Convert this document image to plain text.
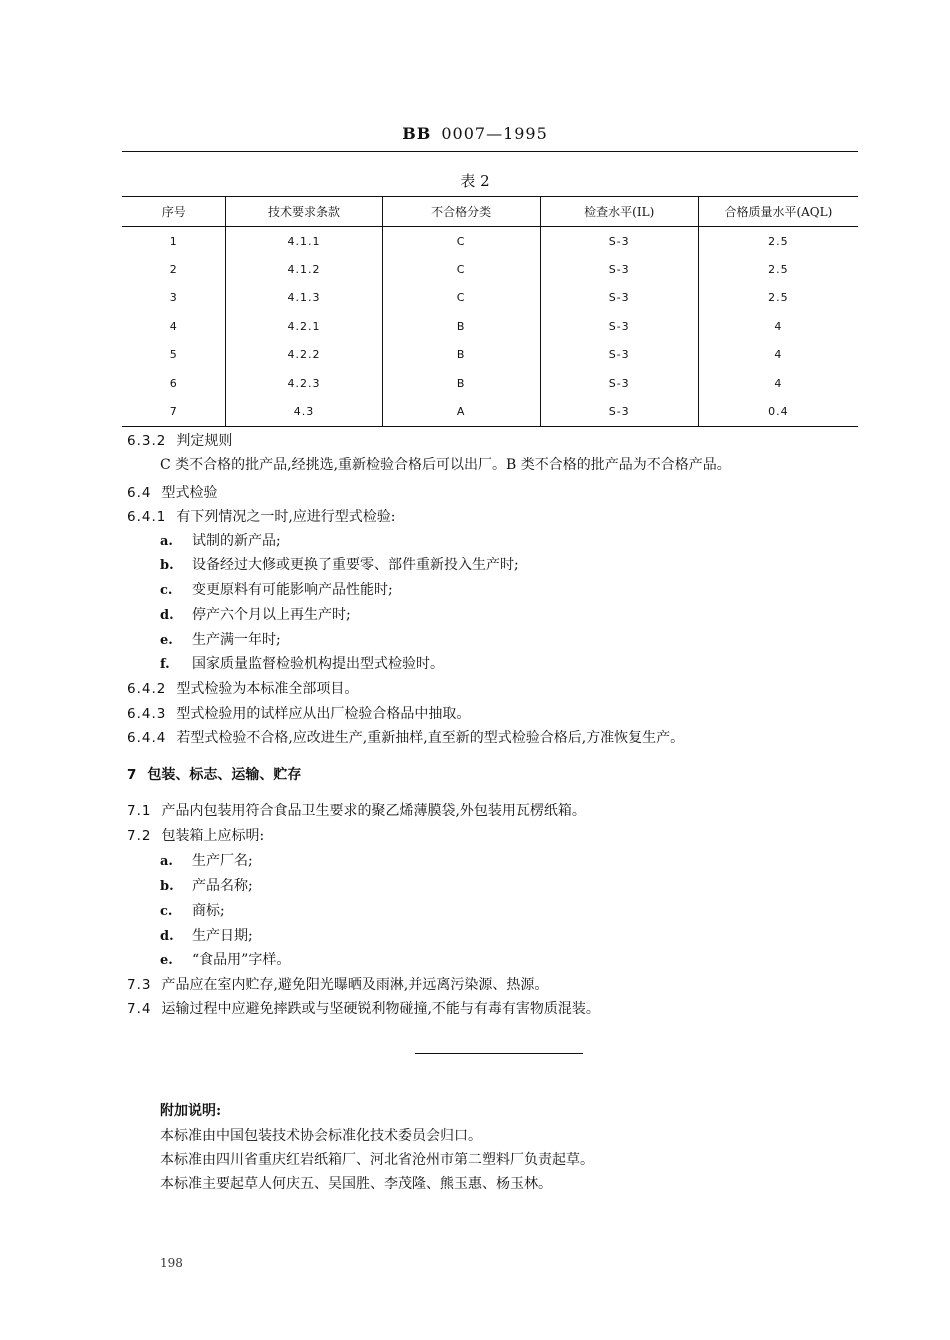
BB 0007—1995
表 2
序号	技术要求条款	不合格分类	检查水平(IL)	合格质量水平(AQL)
1	4.1.1	C	S-3	2.5
2	4.1.2	C	S-3	2.5
3	4.1.3	C	S-3	2.5
4	4.2.1	B	S-3	4
5	4.2.2	B	S-3	4
6	4.2.3	B	S-3	4
7	4.3	A	S-3	0.4
6.3.2 判定规则
C 类不合格的批产品,经挑选,重新检验合格后可以出厂。B 类不合格的批产品为不合格产品。
6.4 型式检验
6.4.1 有下列情况之一时,应进行型式检验:
a. 试制的新产品;
b. 设备经过大修或更换了重要零、部件重新投入生产时;
c. 变更原料有可能影响产品性能时;
d. 停产六个月以上再生产时;
e. 生产满一年时;
f. 国家质量监督检验机构提出型式检验时。
6.4.2 型式检验为本标准全部项目。
6.4.3 型式检验用的试样应从出厂检验合格品中抽取。
6.4.4 若型式检验不合格,应改进生产,重新抽样,直至新的型式检验合格后,方准恢复生产。
7 包装、标志、运输、贮存
7.1 产品内包装用符合食品卫生要求的聚乙烯薄膜袋,外包装用瓦楞纸箱。
7.2 包装箱上应标明:
a. 生产厂名;
b. 产品名称;
c. 商标;
d. 生产日期;
e. “食品用”字样。
7.3 产品应在室内贮存,避免阳光曝晒及雨淋,并远离污染源、热源。
7.4 运输过程中应避免摔跌或与坚硬锐利物碰撞,不能与有毒有害物质混装。
附加说明:
本标准由中国包装技术协会标准化技术委员会归口。
本标准由四川省重庆红岩纸箱厂、河北省沧州市第二塑料厂负责起草。
本标准主要起草人何庆五、吴国胜、李茂隆、熊玉惠、杨玉林。
198
